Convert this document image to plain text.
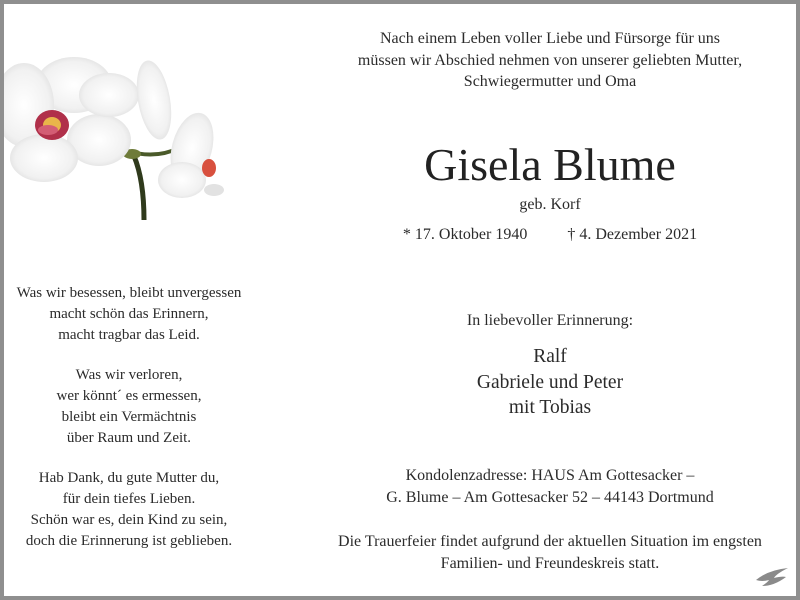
Was wir besessen, bleibt unvergessen
macht schön das Erinnern,
macht tragbar das Leid.

Was wir verloren,
wer könnt´ es ermessen,
bleibt ein Vermächtnis
über Raum und Zeit.

Hab Dank, du gute Mutter du,
für dein tiefes Lieben.
Schön war es, dein Kind zu sein,
doch die Erinnerung ist geblieben.

Nach einem Leben voller Liebe und Fürsorge für uns
müssen wir Abschied nehmen von unserer geliebten Mutter,
Schwiegermutter und Oma
Gisela Blume
geb. Korf
* 17. Oktober 1940	† 4. Dezember 2021
In liebevoller Erinnerung:
Ralf
Gabriele und Peter
mit Tobias
Kondolenzadresse: HAUS Am Gottesacker –
G. Blume – Am Gottesacker 52 – 44143 Dortmund
Die Trauerfeier findet aufgrund der aktuellen Situation im engsten
Familien- und Freundeskreis statt.
